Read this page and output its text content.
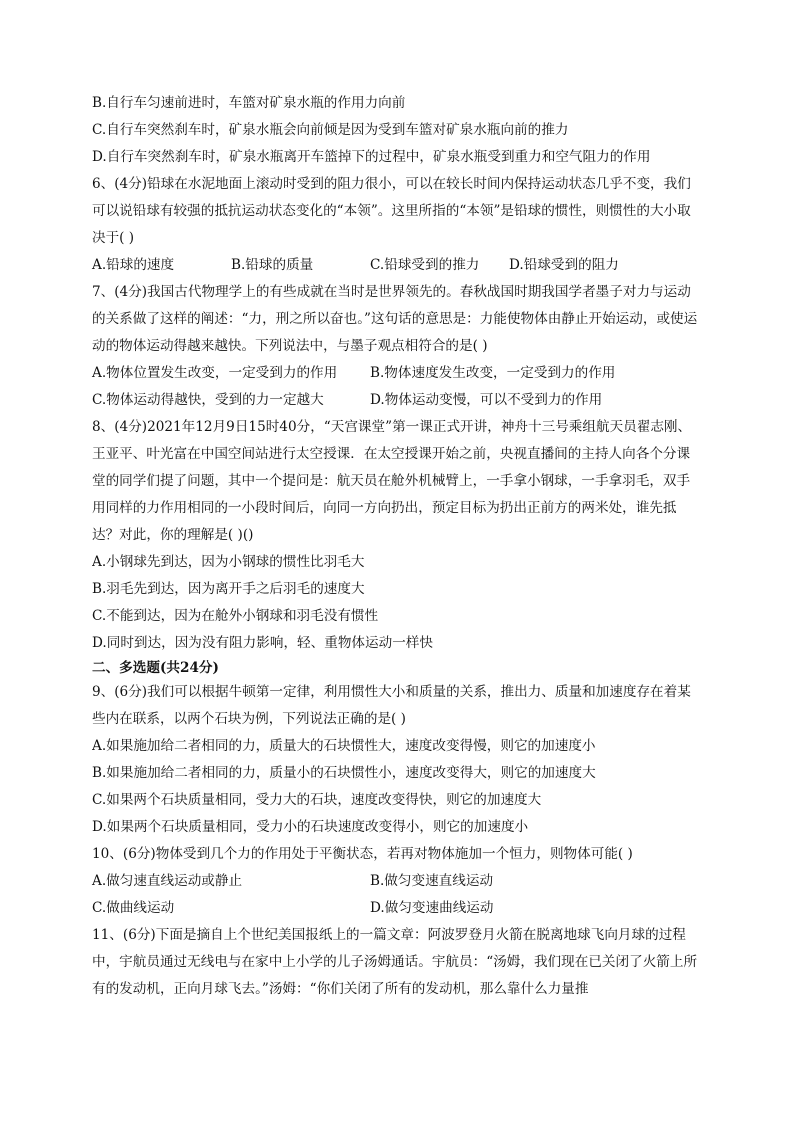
B.自行车匀速前进时，车篮对矿泉水瓶的作用力向前
C.自行车突然刹车时，矿泉水瓶会向前倾是因为受到车篮对矿泉水瓶向前的推力
D.自行车突然刹车时，矿泉水瓶离开车篮掉下的过程中，矿泉水瓶受到重力和空气阻力的作用
6、(4分)铅球在水泥地面上滚动时受到的阻力很小，可以在较长时间内保持运动状态几乎不变，我们可以说铅球有较强的抵抗运动状态变化的“本领”。这里所指的“本领”是铅球的惯性，则惯性的大小取决于( )
A.铅球的速度	B.铅球的质量	C.铅球受到的推力	D.铅球受到的阻力
7、(4分)我国古代物理学上的有些成就在当时是世界领先的。春秋战国时期我国学者墨子对力与运动的关系做了这样的阐述：“力，刑之所以奋也。”这句话的意思是：力能使物体由静止开始运动，或使运动的物体运动得越来越快。下列说法中，与墨子观点相符合的是( )
A.物体位置发生改变，一定受到力的作用	B.物体速度发生改变，一定受到力的作用
C.物体运动得越快，受到的力一定越大	D.物体运动变慢，可以不受到力的作用
8、(4分)2021年12月9日15时40分，“天宫课堂”第一课正式开讲，神舟十三号乘组航天员翟志刚、王亚平、叶光富在中国空间站进行太空授课．在太空授课开始之前，央视直播间的主持人向各个分课堂的同学们提了问题，其中一个提问是：航天员在舱外机械臂上，一手拿小钢球，一手拿羽毛，双手用同样的力作用相同的一小段时间后，向同一方向扔出，预定目标为扔出正前方的两米处，谁先抵达？对此，你的理解是( )()
A.小钢球先到达，因为小钢球的惯性比羽毛大
B.羽毛先到达，因为离开手之后羽毛的速度大
C.不能到达，因为在舱外小钢球和羽毛没有惯性
D.同时到达，因为没有阻力影响，轻、重物体运动一样快
二、多选题(共24分)
9、(6分)我们可以根据牛顿第一定律，利用惯性大小和质量的关系，推出力、质量和加速度存在着某些内在联系，以两个石块为例，下列说法正确的是( )
A.如果施加给二者相同的力，质量大的石块惯性大，速度改变得慢，则它的加速度小
B.如果施加给二者相同的力，质量小的石块惯性小，速度改变得大，则它的加速度大
C.如果两个石块质量相同，受力大的石块，速度改变得快，则它的加速度大
D.如果两个石块质量相同，受力小的石块速度改变得小，则它的加速度小
10、(6分)物体受到几个力的作用处于平衡状态，若再对物体施加一个恒力，则物体可能( )
A.做匀速直线运动或静止	B.做匀变速直线运动
C.做曲线运动	D.做匀变速曲线运动
11、(6分)下面是摘自上个世纪美国报纸上的一篇文章：阿波罗登月火箭在脱离地球飞向月球的过程中，宇航员通过无线电与在家中上小学的儿子汤姆通话。宇航员：“汤姆，我们现在已关闭了火箭上所有的发动机，正向月球飞去。”汤姆：“你们关闭了所有的发动机，那么靠什么力量推
